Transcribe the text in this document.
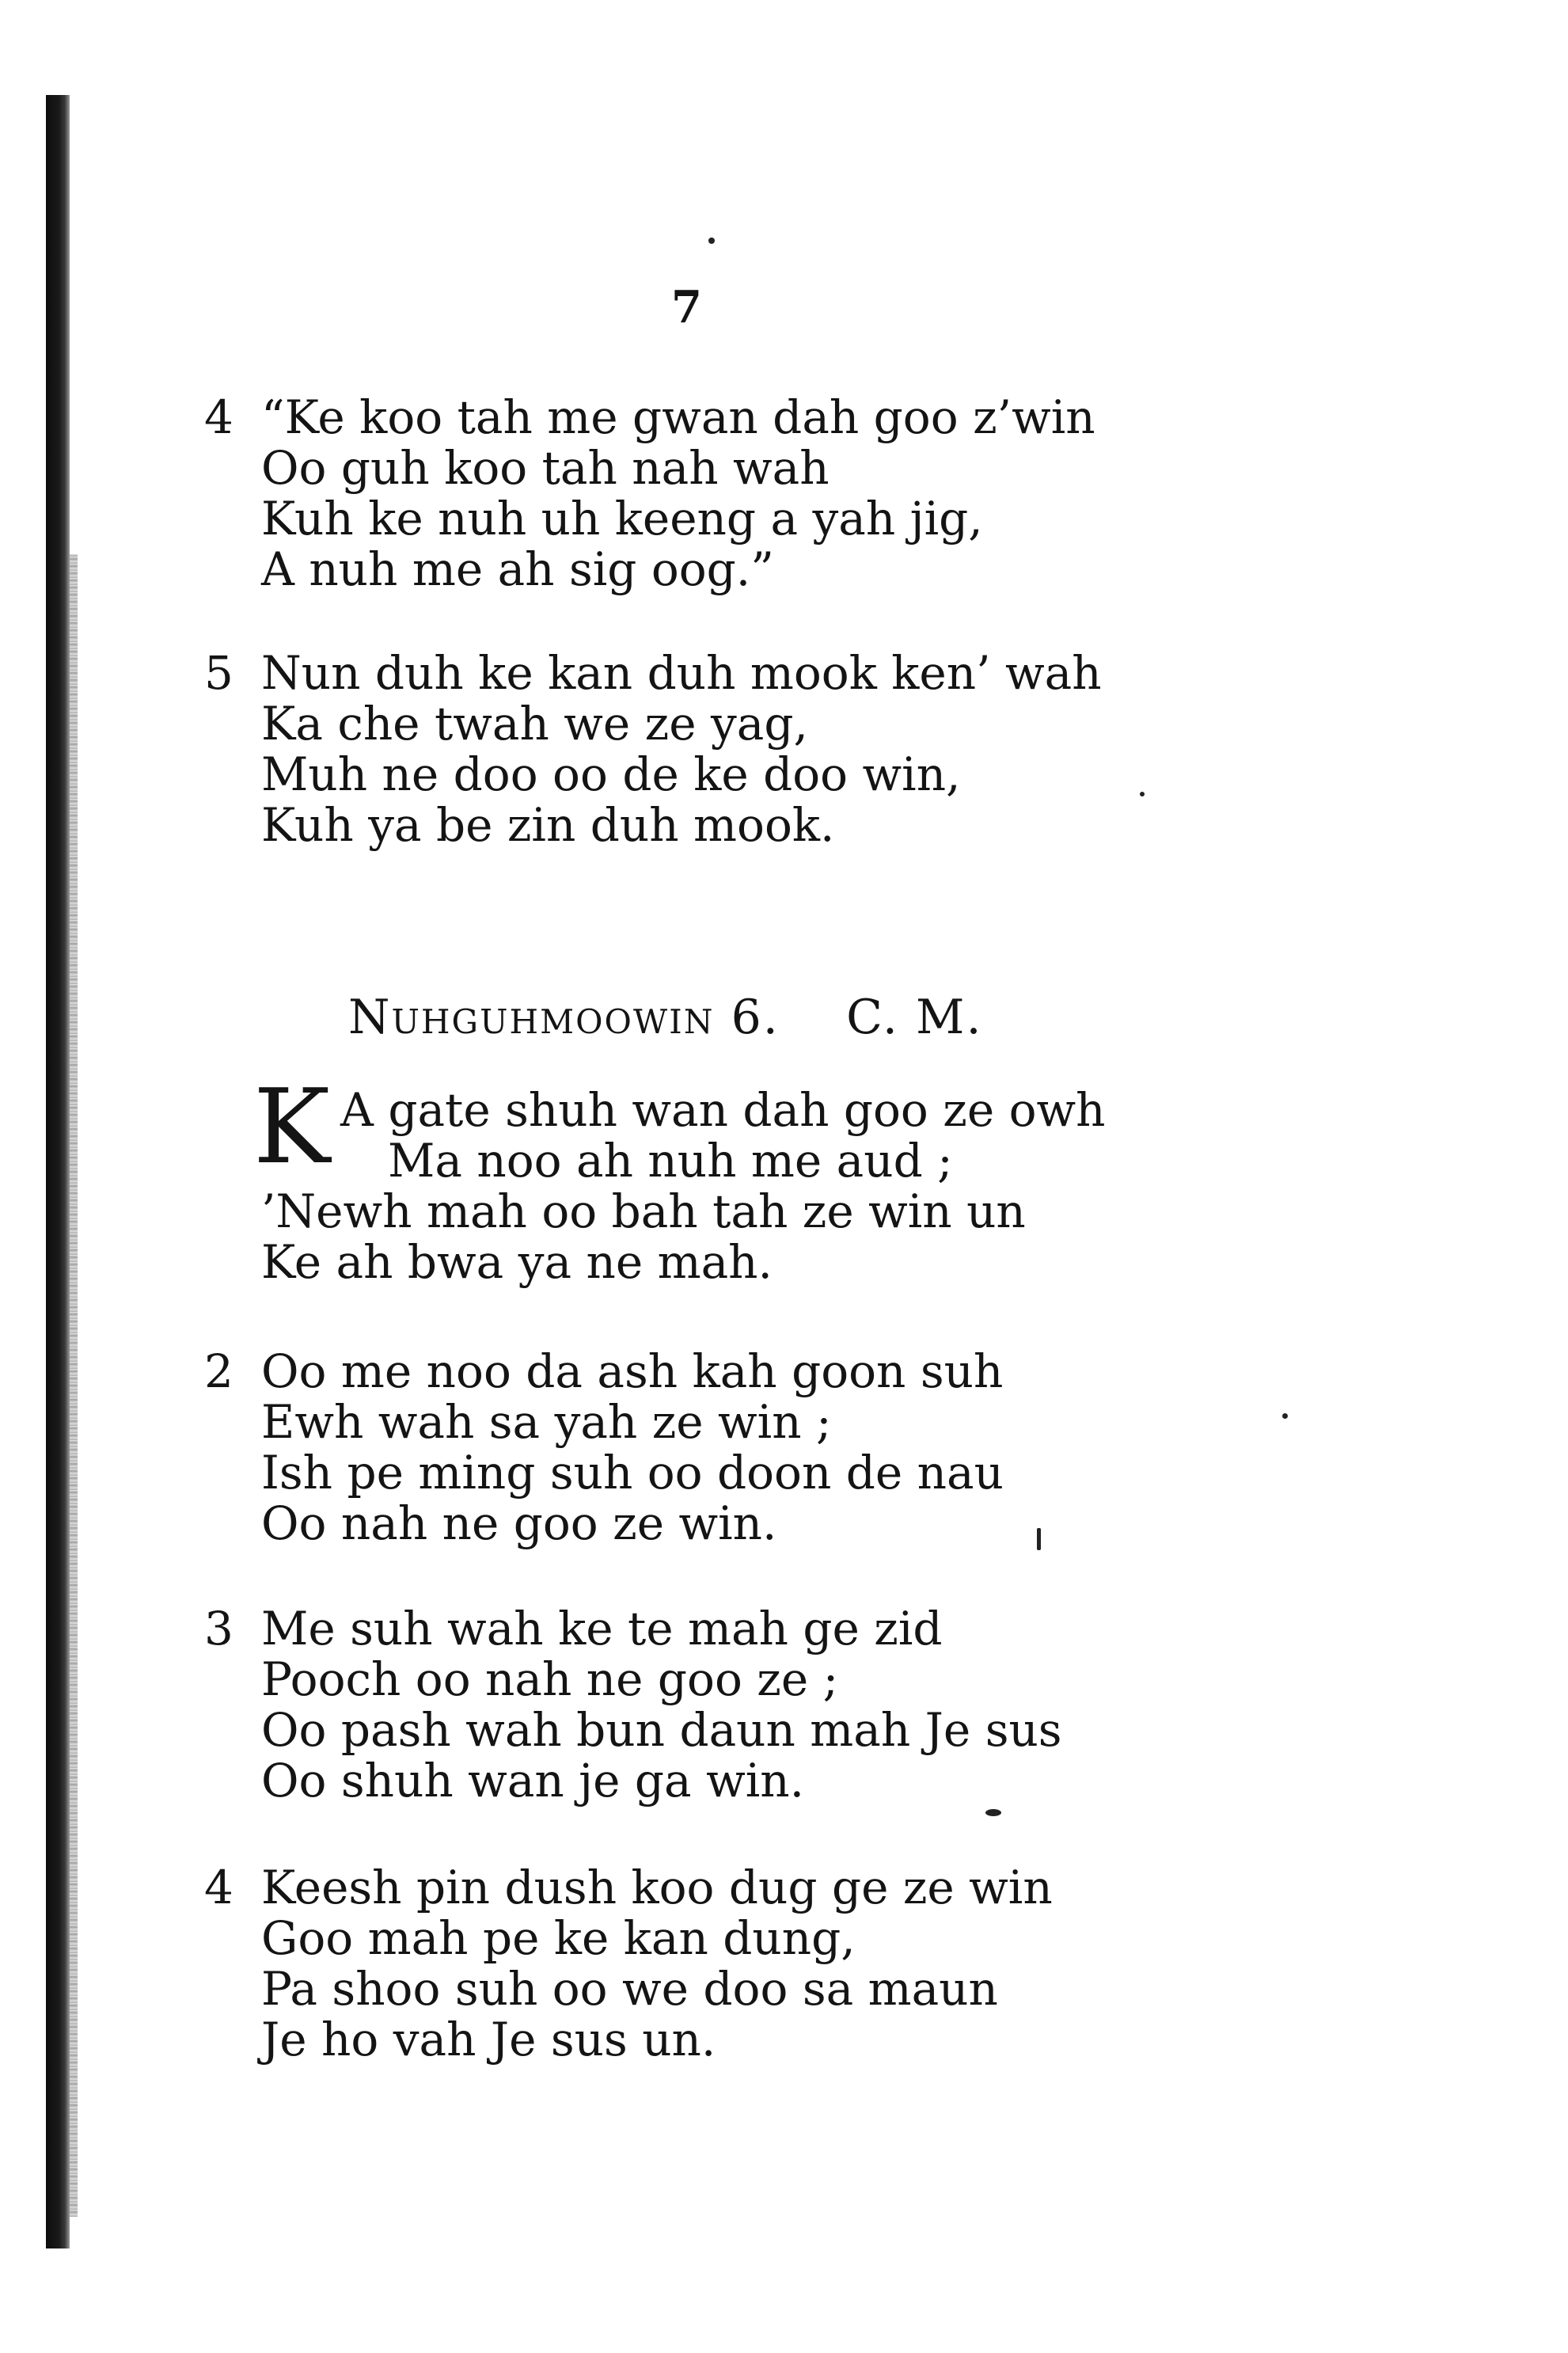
7
4 “Ke koo tah me gwan dah goo z’win
Oo guh koo tah nah wah
Kuh ke nuh uh keeng a yah jig,
A nuh me ah sig oog.”
5 Nun duh ke kan duh mook ken’ wah
Ka che twah we ze yag,
Muh ne doo oo de ke doo win,
Kuh ya be zin duh mook.
Nuhguhmoowin 6. C. M.
A gate shuh wan dah goo ze owh
Ma noo ah nuh me aud ;
’Newh mah oo bah tah ze win un
Ke ah bwa ya ne mah.
K
2 Oo me noo da ash kah goon suh
Ewh wah sa yah ze win ;
Ish pe ming suh oo doon de nau
Oo nah ne goo ze win.
3 Me suh wah ke te mah ge zid
Pooch oo nah ne goo ze ;
Oo pash wah bun daun mah Je sus
Oo shuh wan je ga win.
4 Keesh pin dush koo dug ge ze win
Goo mah pe ke kan dung,
Pa shoo suh oo we doo sa maun
Je ho vah Je sus un.
